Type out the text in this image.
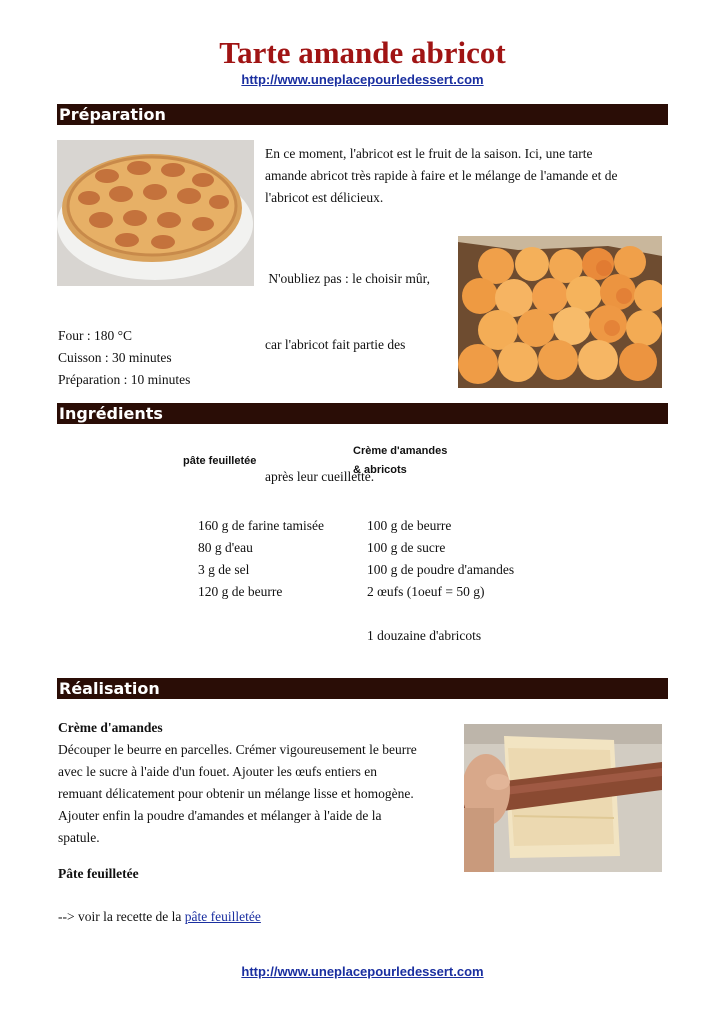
Tarte amande abricot
http://www.uneplacepourledessert.com
Préparation
En ce moment, l'abricot est le fruit de la saison. Ici, une tarte
amande abricot très rapide à faire et le mélange de l'amande et de
l'abricot est délicieux.

N'oubliez pas : le choisir mûr,

car l'abricot fait partie des

après leur cueillette.

Four : 180 °C
Cuisson : 30 minutes
Préparation : 10 minutes
Ingrédients
pâte feuilletée
Crème d'amandes
& abricots
160 g de farine tamisée
80 g d'eau
3 g de sel
120 g de beurre
100 g de beurre
100 g de sucre
100 g de poudre d'amandes
2 œufs (1oeuf = 50 g)
1 douzaine d'abricots
Réalisation
Crème d'amandes
Découper le beurre en parcelles. Crémer vigoureusement le beurre
avec le sucre à l'aide d'un fouet. Ajouter les œufs entiers en
remuant délicatement pour obtenir un mélange lisse et homogène.
Ajouter enfin la poudre d'amandes et mélanger à l'aide de la
spatule.
Pâte feuilletée
--> voir la recette de la pâte feuilletée
http://www.uneplacepourledessert.com
